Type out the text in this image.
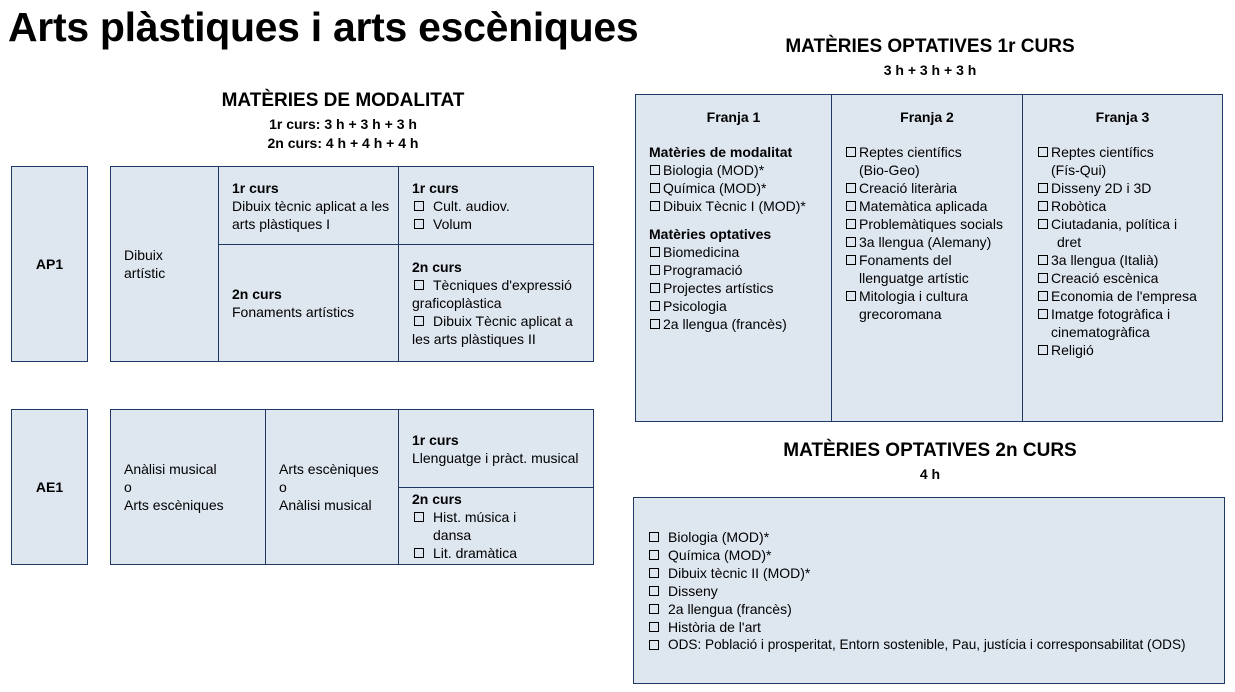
Arts plàstiques i arts escèniques
MATÈRIES DE MODALITAT
1r curs: 3 h + 3 h + 3 h
2n curs: 4 h + 4 h + 4 h
AP1
Dibuix
artístic
1r curs
Dibuix tècnic aplicat a les
arts plàstiques I
2n curs
Fonaments artístics
1r curs
Cult. audiov.
Volum
2n curs
Tècniques d'expressió
graficoplàstica
Dibuix Tècnic aplicat a
les arts plàstiques II
AE1
Anàlisi musical
o
Arts escèniques
Arts escèniques
o
Anàlisi musical
1r curs
Llenguatge i pràct. musical
2n curs
Hist. música i
dansa
Lit. dramàtica
MATÈRIES OPTATIVES 1r CURS
3 h + 3 h + 3 h
Franja 1
Matèries de modalitat
Biologia (MOD)*
Química (MOD)*
Dibuix Tècnic I (MOD)*
Matèries optatives
Biomedicina
Programació
Projectes artístics
Psicologia
2a llengua (francès)
Franja 2
Reptes científics
(Bio-Geo)
Creació literària
Matemàtica aplicada
Problemàtiques socials
3a llengua (Alemany)
Fonaments del
llenguatge artístic
Mitologia i cultura
grecoromana
Franja 3
Reptes científics
(Fís-Qui)
Disseny 2D i 3D
Robòtica
Ciutadania, política i
dret
3a llengua (Italià)
Creació escènica
Economia de l'empresa
Imatge fotogràfica i
cinematogràfica
Religió
MATÈRIES OPTATIVES 2n CURS
4 h
Biologia (MOD)*
Química (MOD)*
Dibuix tècnic II (MOD)*
Disseny
2a llengua (francès)
Història de l'art
ODS: Població i prosperitat, Entorn sostenible, Pau, justícia i corresponsabilitat (ODS)
